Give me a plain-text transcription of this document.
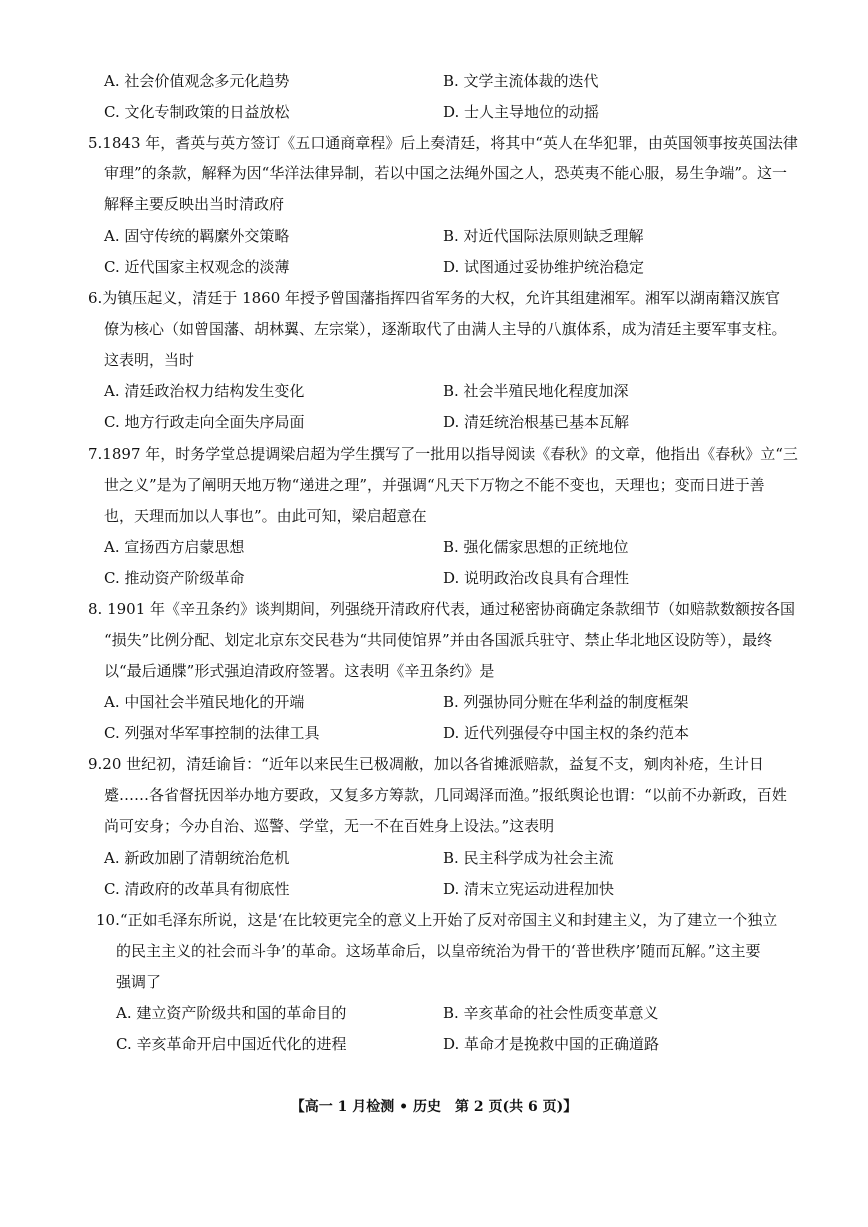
A. 社会价值观念多元化趋势	B. 文学主流体裁的迭代
C. 文化专制政策的日益放松	D. 士人主导地位的动摇
5.1843 年，耆英与英方签订《五口通商章程》后上奏清廷，将其中“英人在华犯罪，由英国领事按英国法律
审理”的条款，解释为因“华洋法律异制，若以中国之法绳外国之人，恐英夷不能心服，易生争端”。这一
解释主要反映出当时清政府
A. 固守传统的羁縻外交策略	B. 对近代国际法原则缺乏理解
C. 近代国家主权观念的淡薄	D. 试图通过妥协维护统治稳定
6.为镇压起义，清廷于 1860 年授予曾国藩指挥四省军务的大权，允许其组建湘军。湘军以湖南籍汉族官
僚为核心（如曾国藩、胡林翼、左宗棠），逐渐取代了由满人主导的八旗体系，成为清廷主要军事支柱。
这表明，当时
A. 清廷政治权力结构发生变化	B. 社会半殖民地化程度加深
C. 地方行政走向全面失序局面	D. 清廷统治根基已基本瓦解
7.1897 年，时务学堂总提调梁启超为学生撰写了一批用以指导阅读《春秋》的文章，他指出《春秋》立“三
世之义”是为了阐明天地万物“递进之理”，并强调“凡天下万物之不能不变也，天理也；变而日进于善
也，天理而加以人事也”。由此可知，梁启超意在
A. 宣扬西方启蒙思想	B. 强化儒家思想的正统地位
C. 推动资产阶级革命	D. 说明政治改良具有合理性
8. 1901 年《辛丑条约》谈判期间，列强绕开清政府代表，通过秘密协商确定条款细节（如赔款数额按各国
“损失”比例分配、划定北京东交民巷为“共同使馆界”并由各国派兵驻守、禁止华北地区设防等），最终
以“最后通牒”形式强迫清政府签署。这表明《辛丑条约》是
A. 中国社会半殖民地化的开端	B. 列强协同分赃在华利益的制度框架
C. 列强对华军事控制的法律工具	D. 近代列强侵夺中国主权的条约范本
9.20 世纪初，清廷谕旨：“近年以来民生已极凋敝，加以各省摊派赔款，益复不支，剜肉补疮，生计日
蹙……各省督抚因举办地方要政，又复多方筹款，几同竭泽而渔。”报纸舆论也谓：“以前不办新政，百姓
尚可安身；今办自治、巡警、学堂，无一不在百姓身上设法。”这表明
A. 新政加剧了清朝统治危机	B. 民主科学成为社会主流
C. 清政府的改革具有彻底性	D. 清末立宪运动进程加快
10.“正如毛泽东所说，这是‘在比较更完全的意义上开始了反对帝国主义和封建主义，为了建立一个独立
的民主主义的社会而斗争’的革命。这场革命后，以皇帝统治为骨干的‘普世秩序’随而瓦解。”这主要
强调了
A. 建立资产阶级共和国的革命目的	B. 辛亥革命的社会性质变革意义
C. 辛亥革命开启中国近代化的进程	D. 革命才是挽救中国的正确道路
【高一 1 月检测 • 历史　第 2 页(共 6 页)】
